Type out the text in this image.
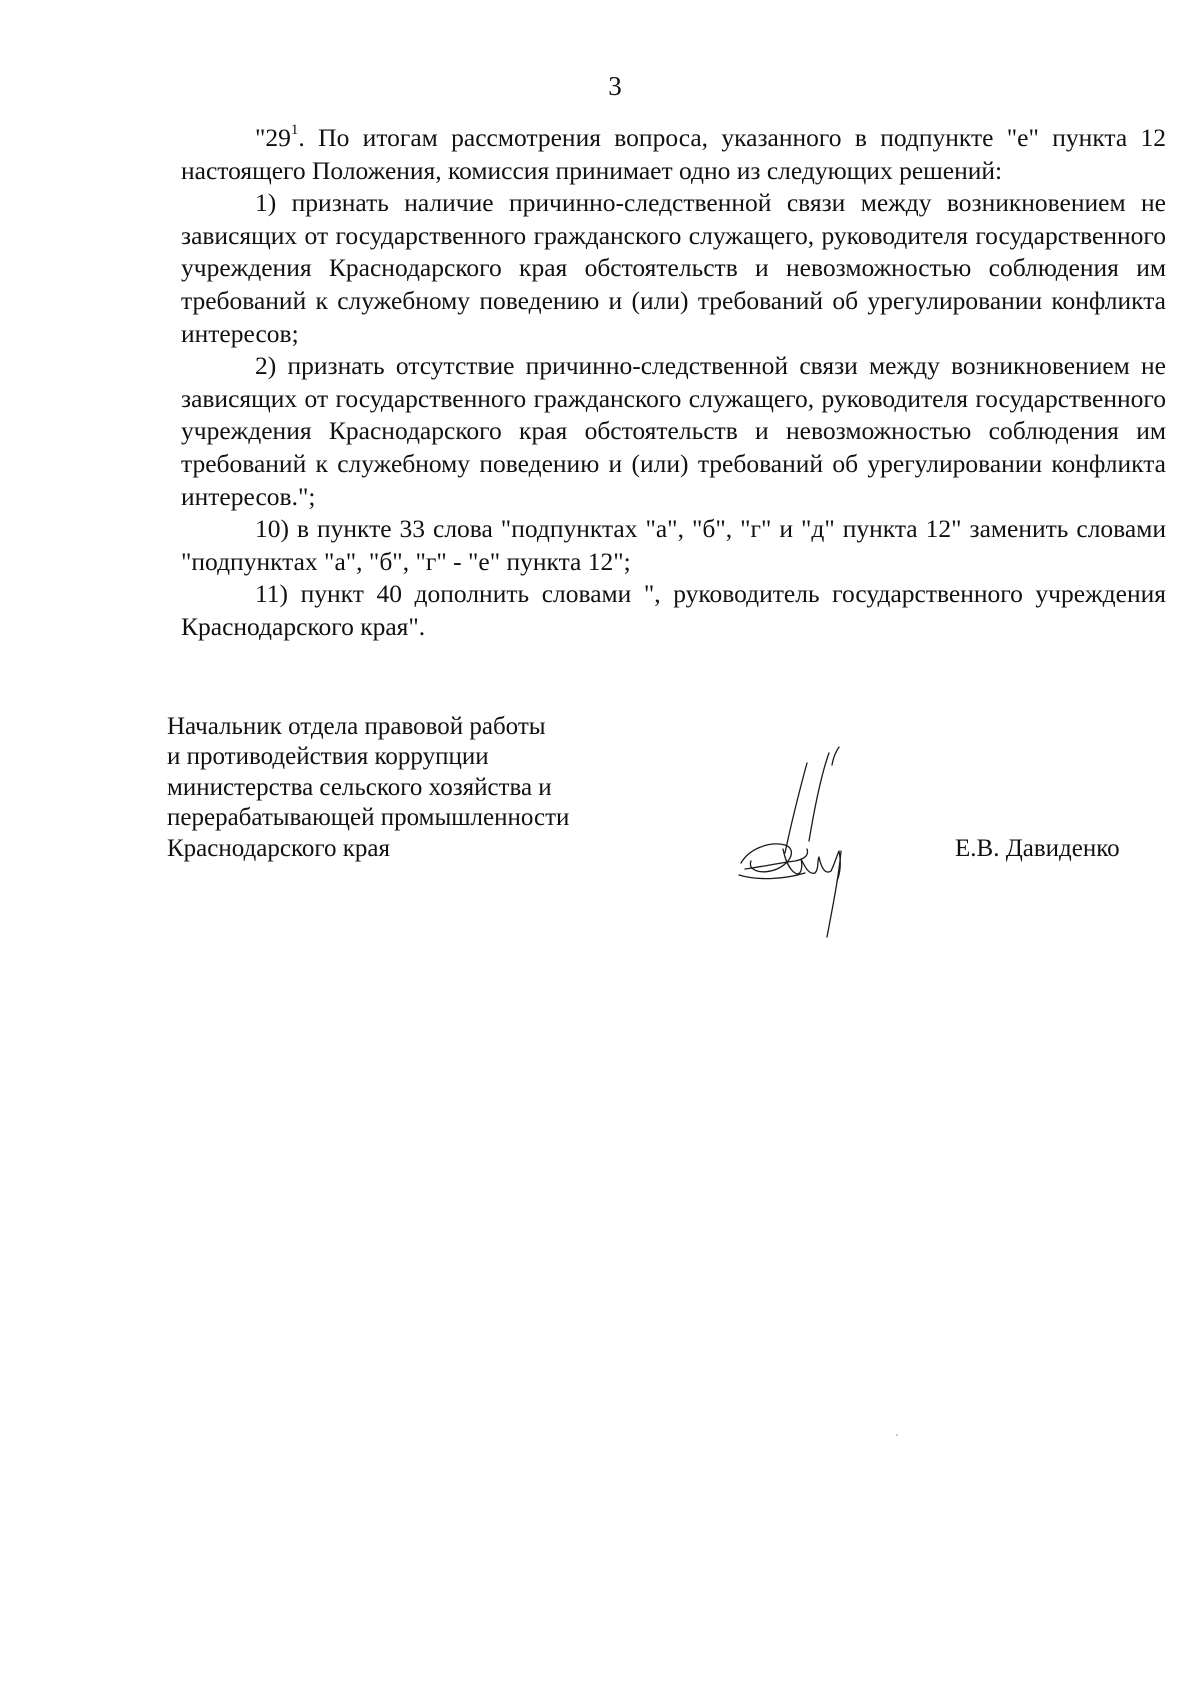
3

"$29^1$. По итогам рассмотрения вопроса, указанного в подпункте "е" пункта 12 настоящего Положения, комиссия принимает одно из следующих решений:

1) признать наличие причинно-следственной связи между возникновением не зависящих от государственного гражданского служащего, руководителя государственного учреждения Краснодарского края обстоятельств и невозможностью соблюдения им требований к служебному поведению и (или) требований об урегулировании конфликта интересов;

2) признать отсутствие причинно-следственной связи между возникновением не зависящих от государственного гражданского служащего, руководителя государственного учреждения Краснодарского края обстоятельств и невозможностью соблюдения им требований к служебному поведению и (или) требований об урегулировании конфликта интересов.";

10) в пункте 33 слова "подпунктах "а", "б", "г" и "д" пункта 12" заменить словами "подпунктах "а", "б", "г" - "е" пункта 12";

11) пункт 40 дополнить словами ", руководитель государственного учреждения Краснодарского края".

Начальник отдела правовой работы
и противодействия коррупции
министерства сельского хозяйства и
перерабатывающей промышленности
Краснодарского края	Е.В. Давиденко
